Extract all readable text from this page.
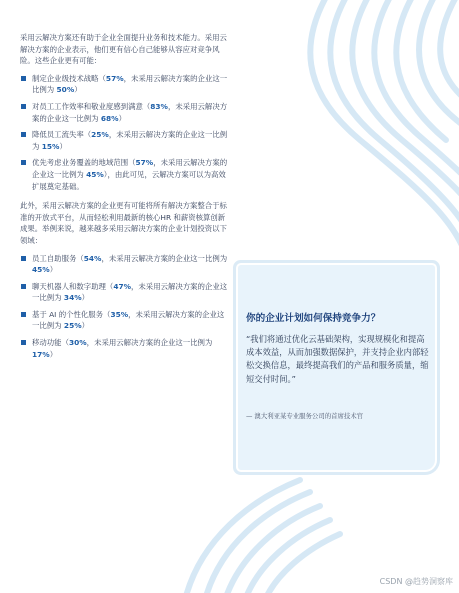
采用云解决方案还有助于企业全面提升业务和技术能力。采用云解决方案的企业表示，他们更有信心自己能够从容应对竞争风险。这些企业更有可能：

制定企业级技术战略（57%，未采用云解决方案的企业这一比例为 50%）
对员工工作效率和敬业度感到满意（83%，未采用云解决方案的企业这一比例为 68%）
降低员工流失率（25%，未采用云解决方案的企业这一比例为 15%）
优先考虑业务覆盖的地域范围（57%，未采用云解决方案的企业这一比例为 45%），由此可见，云解决方案可以为高效扩展奠定基础。

此外，采用云解决方案的企业更有可能将所有解决方案整合于标准的开放式平台，从而轻松利用最新的核心HR 和薪资核算创新成果。举例来说，越来越多采用云解决方案的企业计划投资以下领域：

员工自助服务（54%，未采用云解决方案的企业这一比例为 45%）
聊天机器人和数字助理（47%，未采用云解决方案的企业这一比例为 34%）
基于 AI 的个性化服务（35%，未采用云解决方案的企业这一比例为 25%）
移动功能（30%，未采用云解决方案的企业这一比例为 17%）
你的企业计划如何保持竞争力？
“我们将通过优化云基础架构，实现规模化和提高成本效益，从而加强数据保护，并支持企业内部轻松交换信息，最终提高我们的产品和服务质量，缩短交付时间。”
— 澳大利亚某专业服务公司的首席技术官
CSDN @趋势洞察库
